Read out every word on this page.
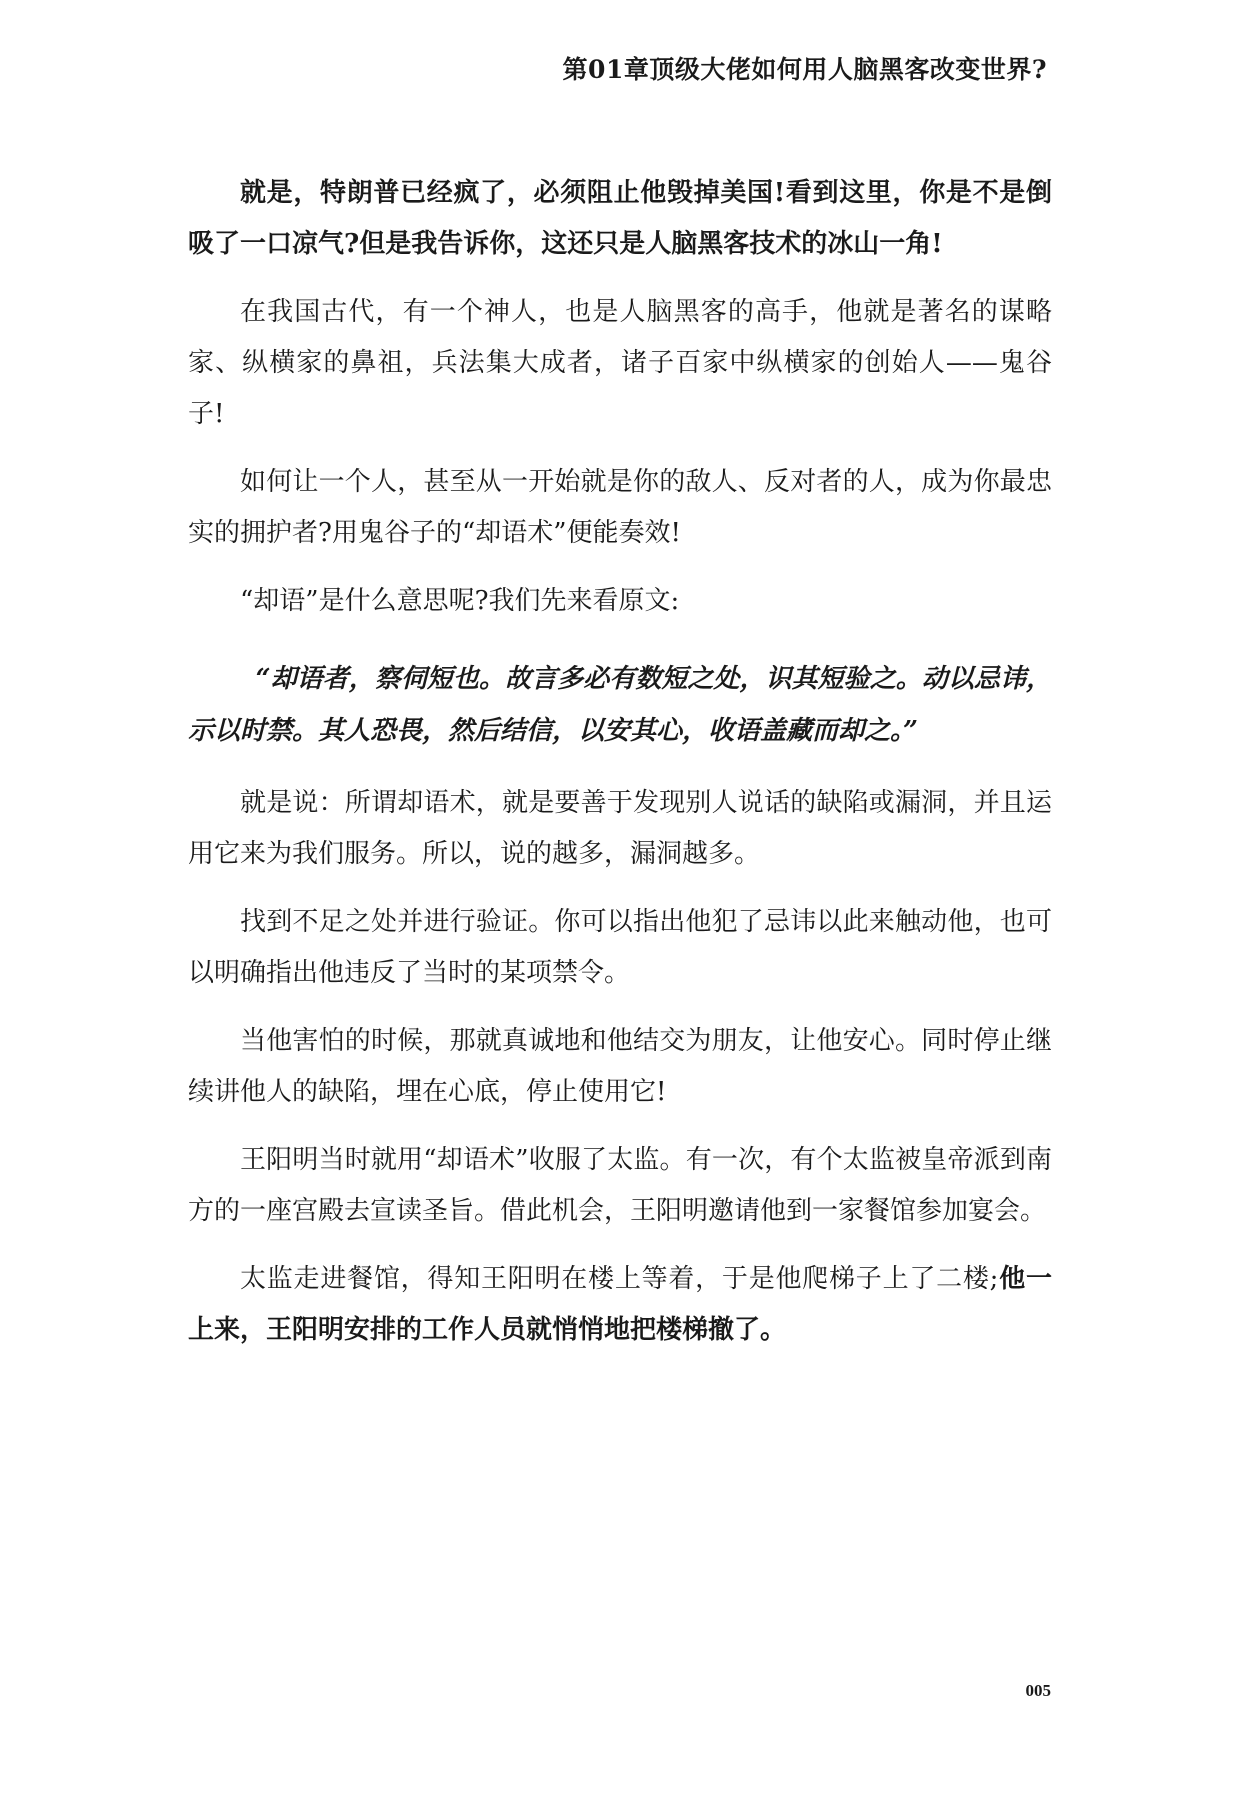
第01章顶级大佬如何用人脑黑客改变世界?

就是，特朗普已经疯了，必须阻止他毁掉美国!看到这里，你是不是倒吸了一口凉气?但是我告诉你，这还只是人脑黑客技术的冰山一角!

在我国古代，有一个神人，也是人脑黑客的高手，他就是著名的谋略家、纵横家的鼻祖，兵法集大成者，诸子百家中纵横家的创始人——鬼谷子!

如何让一个人，甚至从一开始就是你的敌人、反对者的人，成为你最忠实的拥护者?用鬼谷子的“却语术”便能奏效!

“却语”是什么意思呢?我们先来看原文:

“却语者，察伺短也。故言多必有数短之处，识其短验之。动以忌讳，示以时禁。其人恐畏，然后结信，以安其心，收语盖藏而却之。”

就是说：所谓却语术，就是要善于发现别人说话的缺陷或漏洞，并且运用它来为我们服务。所以，说的越多，漏洞越多。

找到不足之处并进行验证。你可以指出他犯了忌讳以此来触动他，也可以明确指出他违反了当时的某项禁令。

当他害怕的时候，那就真诚地和他结交为朋友，让他安心。同时停止继续讲他人的缺陷，埋在心底，停止使用它!

王阳明当时就用“却语术”收服了太监。有一次，有个太监被皇帝派到南方的一座宫殿去宣读圣旨。借此机会，王阳明邀请他到一家餐馆参加宴会。

太监走进餐馆，得知王阳明在楼上等着，于是他爬梯子上了二楼;他一上来，王阳明安排的工作人员就悄悄地把楼梯撤了。

005
